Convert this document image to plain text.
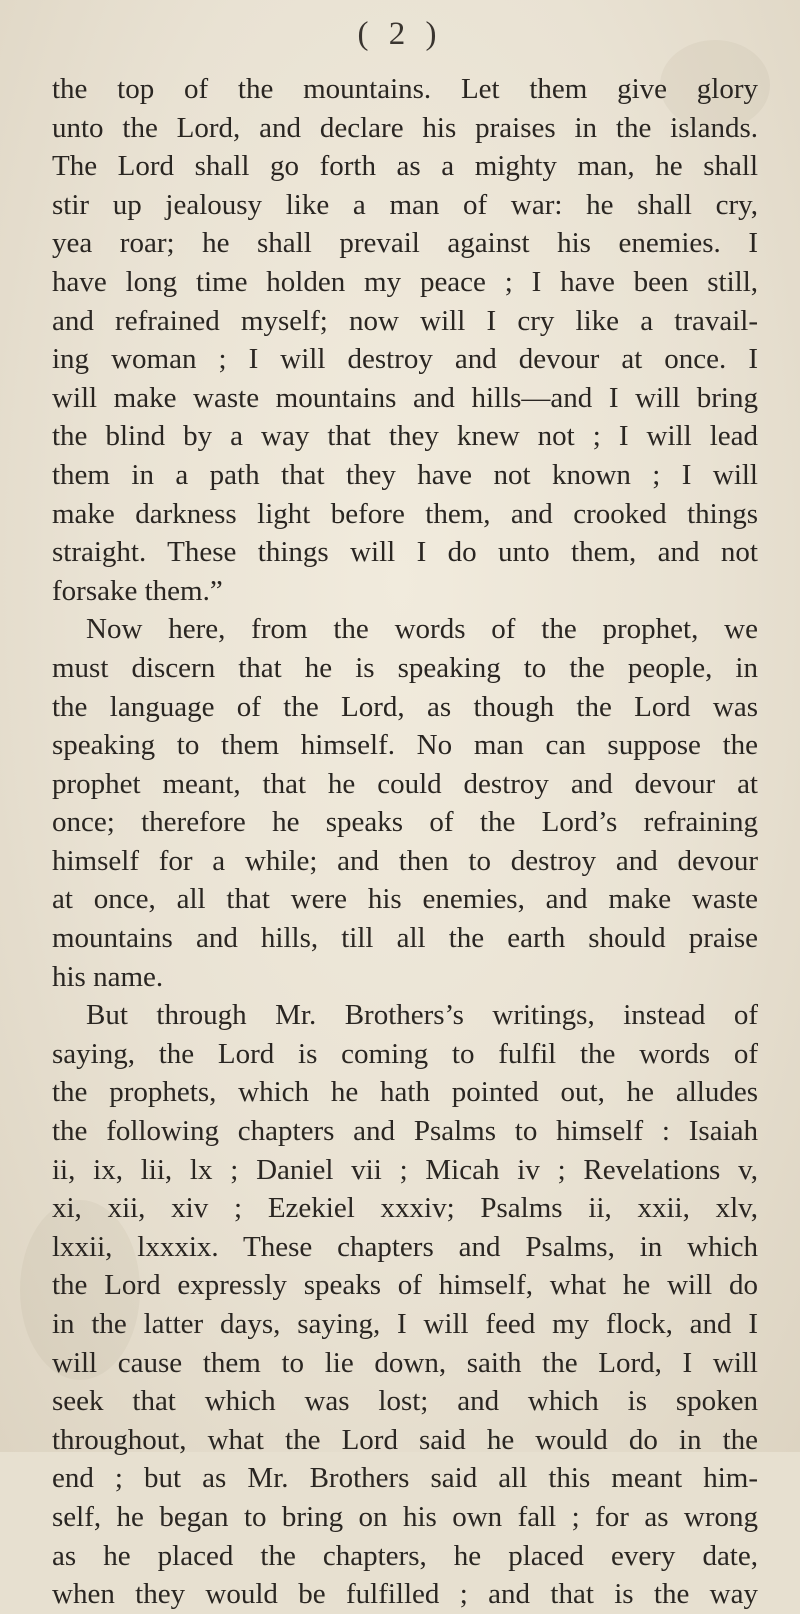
( 2 )
the top of the mountains. Let them give glory
unto the Lord, and declare his praises in the islands.
The Lord shall go forth as a mighty man, he shall
stir up jealousy like a man of war: he shall cry,
yea roar; he shall prevail against his enemies. I
have long time holden my peace ; I have been still,
and refrained myself; now will I cry like a travail-
ing woman ; I will destroy and devour at once. I
will make waste mountains and hills—and I will bring
the blind by a way that they knew not ; I will lead
them in a path that they have not known ; I will
make darkness light before them, and crooked things
straight. These things will I do unto them, and not
forsake them.”
Now here, from the words of the prophet, we
must discern that he is speaking to the people, in
the language of the Lord, as though the Lord was
speaking to them himself. No man can suppose the
prophet meant, that he could destroy and devour at
once; therefore he speaks of the Lord’s refraining
himself for a while; and then to destroy and devour
at once, all that were his enemies, and make waste
mountains and hills, till all the earth should praise
his name.
But through Mr. Brothers’s writings, instead of
saying, the Lord is coming to fulfil the words of
the prophets, which he hath pointed out, he alludes
the following chapters and Psalms to himself : Isaiah
ii, ix, lii, lx ; Daniel vii ; Micah iv ; Revelations v,
xi, xii, xiv ; Ezekiel xxxiv; Psalms ii, xxii, xlv,
lxxii, lxxxix. These chapters and Psalms, in which
the Lord expressly speaks of himself, what he will do
in the latter days, saying, I will feed my flock, and I
will cause them to lie down, saith the Lord, I will
seek that which was lost; and which is spoken
throughout, what the Lord said he would do in the
end ; but as Mr. Brothers said all this meant him-
self, he began to bring on his own fall ; for as wrong
as he placed the chapters, he placed every date,
when they would be fulfilled ; and that is the way
